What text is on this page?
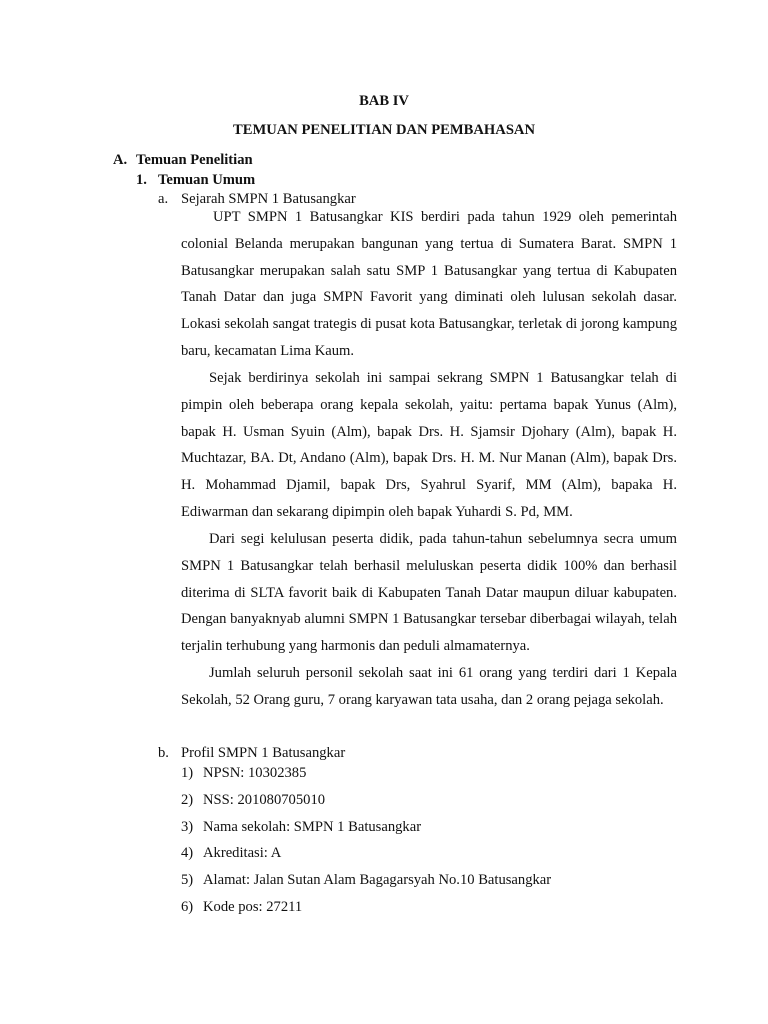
BAB IV
TEMUAN PENELITIAN DAN PEMBAHASAN
A. Temuan Penelitian
1. Temuan Umum
a. Sejarah SMPN 1 Batusangkar
UPT SMPN 1 Batusangkar KIS berdiri pada tahun 1929 oleh pemerintah colonial Belanda merupakan bangunan yang tertua di Sumatera Barat. SMPN 1 Batusangkar merupakan salah satu SMP 1 Batusangkar yang tertua di Kabupaten Tanah Datar dan juga SMPN Favorit yang diminati oleh lulusan sekolah dasar. Lokasi sekolah sangat trategis di pusat kota Batusangkar, terletak di jorong kampung baru, kecamatan Lima Kaum.
Sejak berdirinya sekolah ini sampai sekrang SMPN 1 Batusangkar telah di pimpin oleh beberapa orang kepala sekolah, yaitu: pertama bapak Yunus (Alm), bapak H. Usman Syuin (Alm), bapak Drs. H. Sjamsir Djohary (Alm), bapak H. Muchtazar, BA. Dt, Andano (Alm), bapak Drs. H. M. Nur Manan (Alm), bapak Drs. H. Mohammad Djamil, bapak Drs, Syahrul Syarif, MM (Alm), bapaka H. Ediwarman dan sekarang dipimpin oleh bapak Yuhardi S. Pd, MM.
Dari segi kelulusan peserta didik, pada tahun-tahun sebelumnya secra umum SMPN 1 Batusangkar telah berhasil meluluskan peserta didik 100% dan berhasil diterima di SLTA favorit baik di Kabupaten Tanah Datar maupun diluar kabupaten. Dengan banyaknyab alumni SMPN 1 Batusangkar tersebar diberbagai wilayah, telah terjalin terhubung yang harmonis dan peduli almamaternya.
Jumlah seluruh personil sekolah saat ini 61 orang yang terdiri dari 1 Kepala Sekolah, 52 Orang guru, 7 orang karyawan tata usaha, dan 2 orang pejaga sekolah.
b. Profil SMPN 1 Batusangkar
1) NPSN: 10302385
2) NSS: 201080705010
3) Nama sekolah: SMPN 1 Batusangkar
4) Akreditasi: A
5) Alamat: Jalan Sutan Alam Bagagarsyah No.10 Batusangkar
6) Kode pos: 27211
